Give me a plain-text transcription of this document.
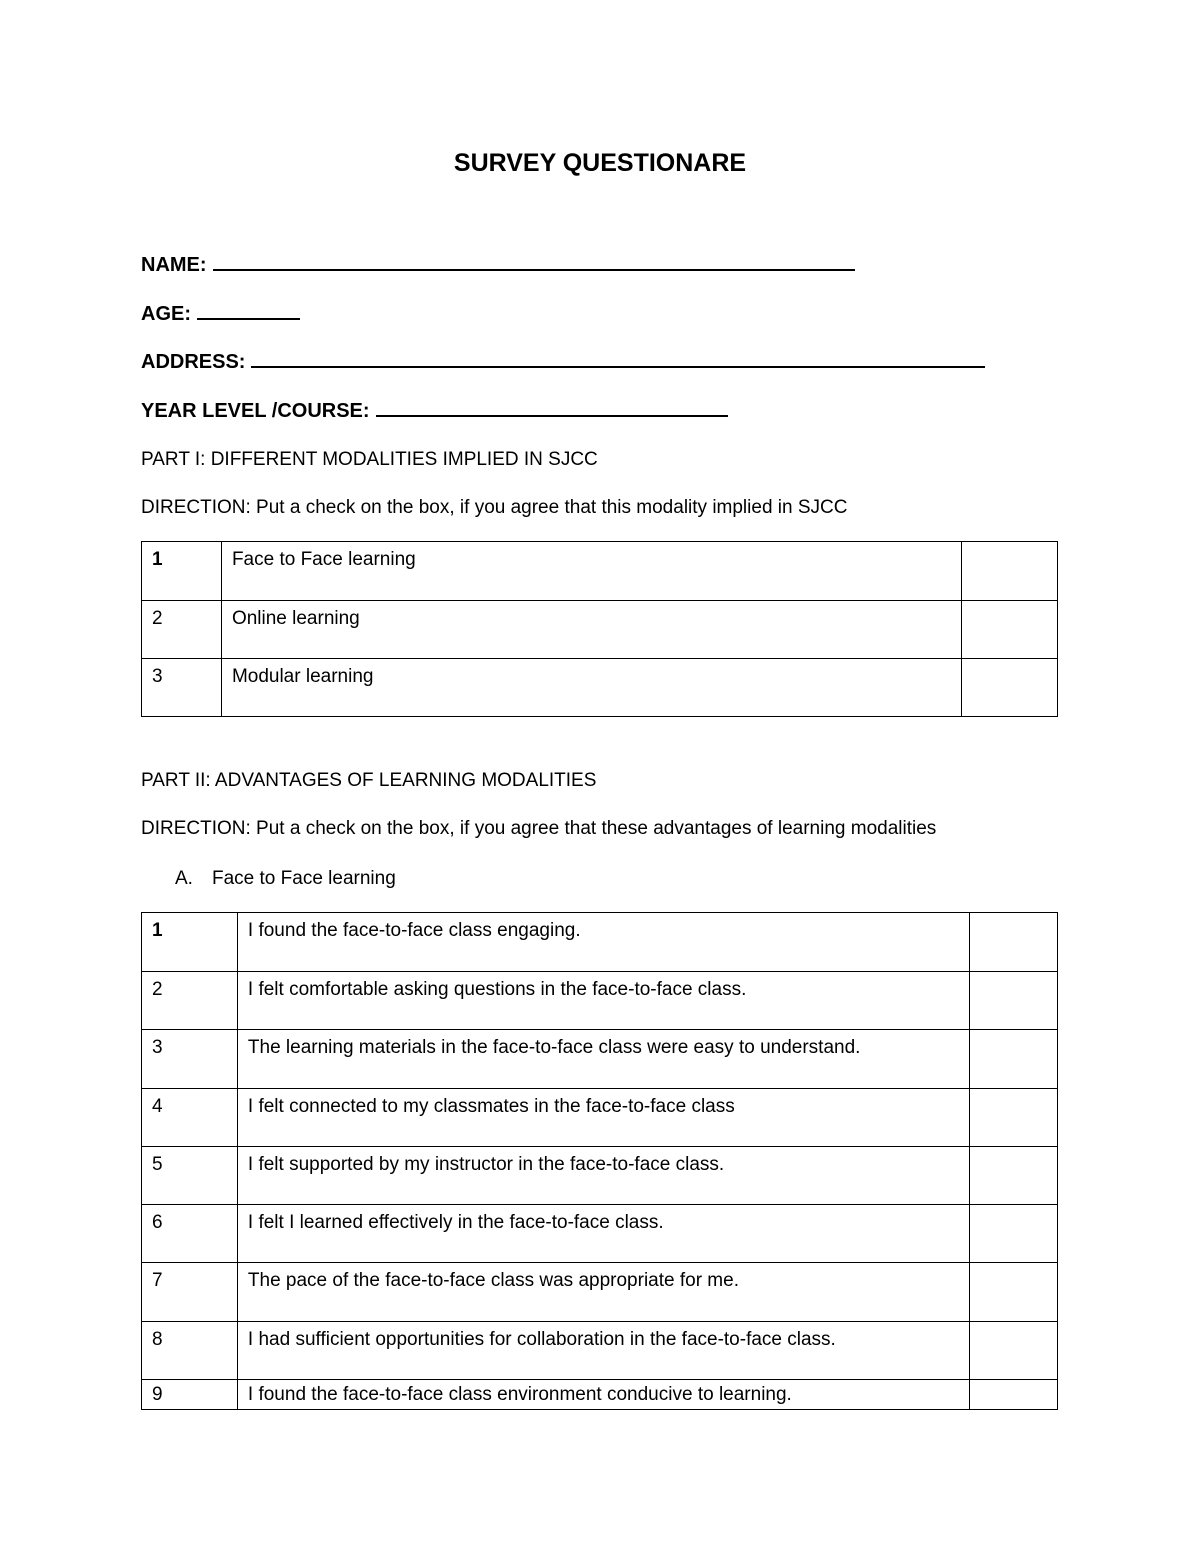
SURVEY QUESTIONARE
NAME:
AGE:
ADDRESS:
YEAR LEVEL /COURSE:
PART I: DIFFERENT MODALITIES IMPLIED IN SJCC
DIRECTION: Put a check on the box, if you agree that this modality implied in SJCC
1	Face to Face learning	
2	Online learning	
3	Modular learning	
PART II: ADVANTAGES OF LEARNING MODALITIES
DIRECTION: Put a check on the box, if you agree that these advantages of learning modalities
A. Face to Face learning
1	I found the face-to-face class engaging.	
2	I felt comfortable asking questions in the face-to-face class.	
3	The learning materials in the face-to-face class were easy to understand.	
4	I felt connected to my classmates in the face-to-face class	
5	I felt supported by my instructor in the face-to-face class.	
6	I felt I learned effectively in the face-to-face class.	
7	The pace of the face-to-face class was appropriate for me.	
8	I had sufficient opportunities for collaboration in the face-to-face class.	
9	I found the face-to-face class environment conducive to learning.	
